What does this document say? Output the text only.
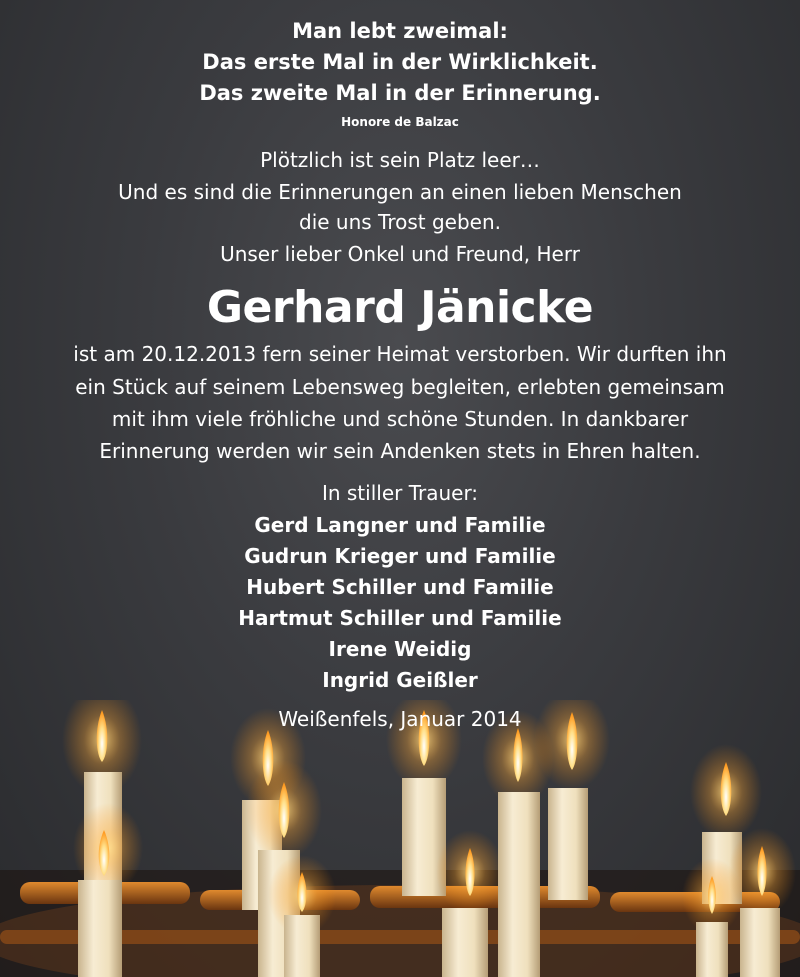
Man lebt zweimal:
Das erste Mal in der Wirklichkeit.
Das zweite Mal in der Erinnerung.
Honore de Balzac
Plötzlich ist sein Platz leer…
Und es sind die Erinnerungen an einen lieben Menschen
die uns Trost geben.
Unser lieber Onkel und Freund, Herr
Gerhard Jänicke
ist am 20.12.2013 fern seiner Heimat verstorben. Wir durften ihn
ein Stück auf seinem Lebensweg begleiten, erlebten gemeinsam
mit ihm viele fröhliche und schöne Stunden. In dankbarer
Erinnerung werden wir sein Andenken stets in Ehren halten.
In stiller Trauer:
Gerd Langner und Familie
Gudrun Krieger und Familie
Hubert Schiller und Familie
Hartmut Schiller und Familie
Irene Weidig
Ingrid Geißler
Weißenfels, Januar 2014
